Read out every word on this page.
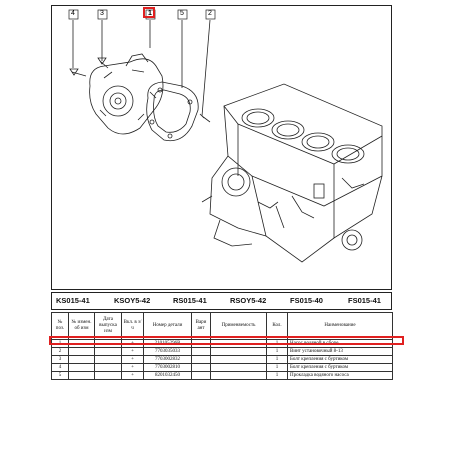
4	3	1	5	2
KS015-41	KSOY5-42	RS015-41	RSOY5-42	FS015-40	FS015-41
№ поз.	№ измен. об изм	Дата выпуска изм	Вкл. в з/ч	Номер детали	Вари ант	Применяемость	Кол.	Наименование
1			+	210105296R			1	Насос водяной в сборе
2			+	7703035033			1	Винт установочный 8-13
3			+	7703002832			1	Болт крепления с буртиком
4			+	7703002810			1	Болт крепления с буртиком
5			+	8201032450			1	Прокладка водяного насоса
